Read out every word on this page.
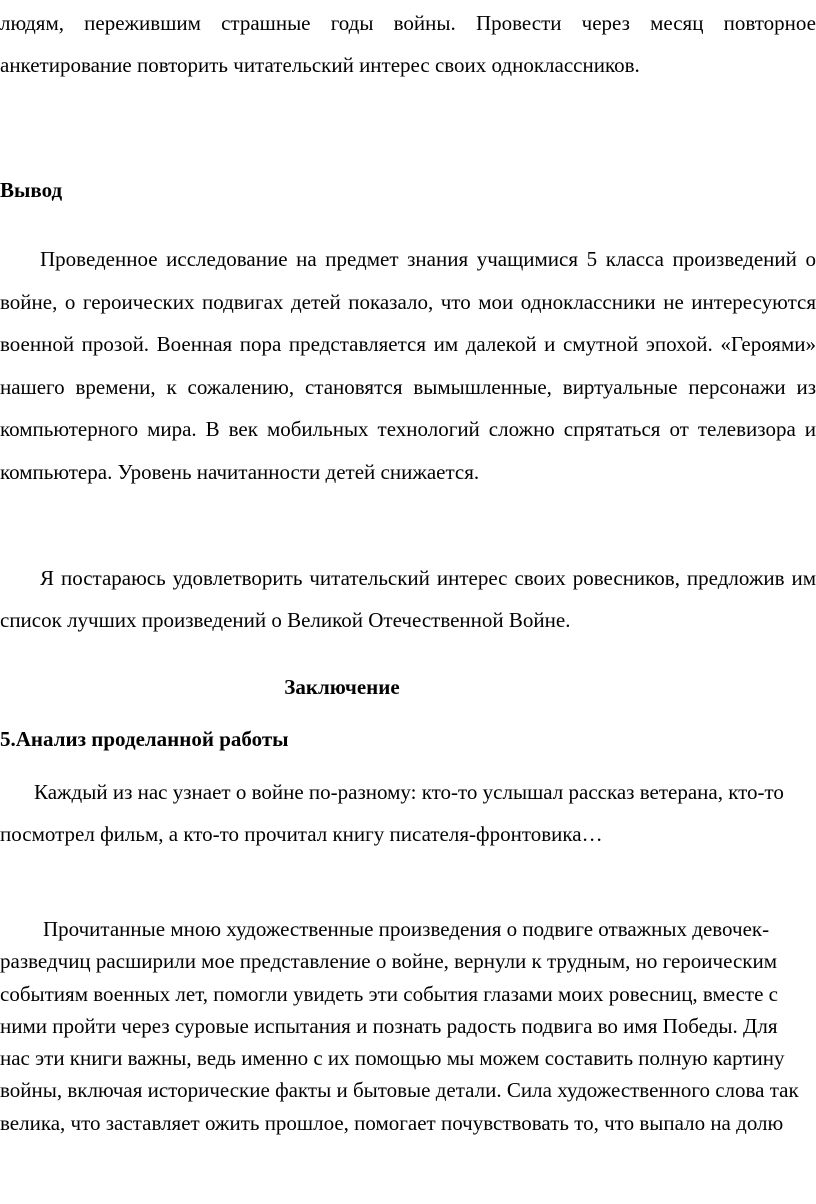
людям, пережившим страшные годы войны. Провести через месяц повторное анкетирование повторить читательский интерес своих одноклассников.

Вывод

Проведенное исследование на предмет знания учащимися 5 класса произведений о войне, о героических подвигах детей показало, что мои одноклассники не интересуются военной прозой. Военная пора представляется им далекой и смутной эпохой. «Героями» нашего времени, к сожалению, становятся вымышленные, виртуальные персонажи из компьютерного мира. В век мобильных технологий сложно спрятаться от телевизора и компьютера. Уровень начитанности детей снижается.

Я постараюсь удовлетворить читательский интерес своих ровесников, предложив им список лучших произведений о Великой Отечественной Войне.

Заключение
5.Анализ проделанной работы

Каждый из нас узнает о войне по-разному: кто-то услышал рассказ ветерана, кто-то посмотрел фильм, а кто-то прочитал книгу писателя-фронтовика…

Прочитанные мною художественные произведения о подвиге отважных девочек-разведчиц расширили мое представление о войне, вернули к трудным, но героическим событиям военных лет, помогли увидеть эти события глазами моих ровесниц, вместе с ними пройти через суровые испытания и познать радость подвига во имя Победы. Для нас эти книги важны, ведь именно с их помощью мы можем составить полную картину войны, включая исторические факты и бытовые детали. Сила художественного слова так велика, что заставляет ожить прошлое, помогает почувствовать то, что выпало на долю
